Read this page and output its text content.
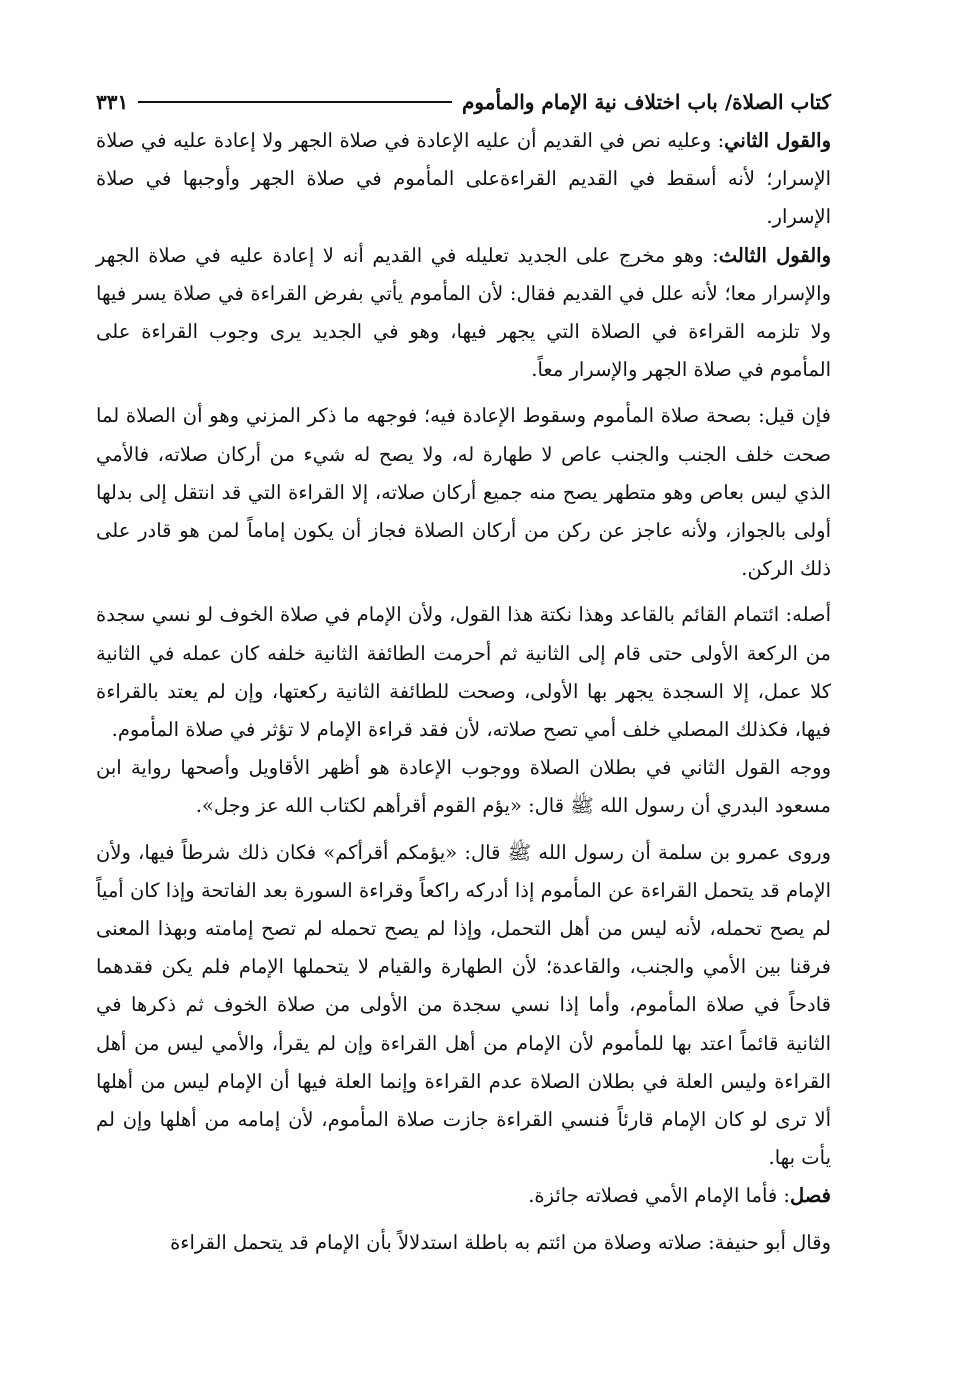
كتاب الصلاة/ باب اختلاف نية الإمام والمأموم
٣٣١

والقول الثاني: وعليه نص في القديم أن عليه الإعادة في صلاة الجهر ولا إعادة عليه في صلاة الإسرار؛ لأنه أسقط في القديم القراءةعلى المأموم في صلاة الجهر وأوجبها في صلاة الإسرار.

والقول الثالث: وهو مخرج على الجديد تعليله في القديم أنه لا إعادة عليه في صلاة الجهر والإسرار معا؛ لأنه علل في القديم فقال: لأن المأموم يأتي بفرض القراءة في صلاة يسر فيها ولا تلزمه القراءة في الصلاة التي يجهر فيها، وهو في الجديد يرى وجوب القراءة على المأموم في صلاة الجهر والإسرار معاً.

فإن قيل: بصحة صلاة المأموم وسقوط الإعادة فيه؛ فوجهه ما ذكر المزني وهو أن الصلاة لما صحت خلف الجنب والجنب عاص لا طهارة له، ولا يصح له شيء من أركان صلاته، فالأمي الذي ليس بعاص وهو متطهر يصح منه جميع أركان صلاته، إلا القراءة التي قد انتقل إلى بدلها أولى بالجواز، ولأنه عاجز عن ركن من أركان الصلاة فجاز أن يكون إماماً لمن هو قادر على ذلك الركن.

أصله: ائتمام القائم بالقاعد وهذا نكتة هذا القول، ولأن الإمام في صلاة الخوف لو نسي سجدة من الركعة الأولى حتى قام إلى الثانية ثم أحرمت الطائفة الثانية خلفه كان عمله في الثانية كلا عمل، إلا السجدة يجهر بها الأولى، وصحت للطائفة الثانية ركعتها، وإن لم يعتد بالقراءة فيها، فكذلك المصلي خلف أمي تصح صلاته، لأن فقد قراءة الإمام لا تؤثر في صلاة المأموم.

ووجه القول الثاني في بطلان الصلاة ووجوب الإعادة هو أظهر الأقاويل وأصحها رواية ابن مسعود البدري أن رسول الله ﷺ قال: «يؤم القوم أقرأهم لكتاب الله عز وجل».

وروى عمرو بن سلمة أن رسول الله ﷺ قال: «يؤمكم أقرأكم» فكان ذلك شرطاً فيها، ولأن الإمام قد يتحمل القراءة عن المأموم إذا أدركه راكعاً وقراءة السورة بعد الفاتحة وإذا كان أمياً لم يصح تحمله، لأنه ليس من أهل التحمل، وإذا لم يصح تحمله لم تصح إمامته وبهذا المعنى فرقنا بين الأمي والجنب، والقاعدة؛ لأن الطهارة والقيام لا يتحملها الإمام فلم يكن فقدهما قادحاً في صلاة المأموم، وأما إذا نسي سجدة من الأولى من صلاة الخوف ثم ذكرها في الثانية قائماً اعتد بها للمأموم لأن الإمام من أهل القراءة وإن لم يقرأ، والأمي ليس من أهل القراءة وليس العلة في بطلان الصلاة عدم القراءة وإنما العلة فيها أن الإمام ليس من أهلها ألا ترى لو كان الإمام قارئاً فنسي القراءة جازت صلاة المأموم، لأن إمامه من أهلها وإن لم يأت بها.

فصل: فأما الإمام الأمي فصلاته جائزة.

وقال أبو حنيفة: صلاته وصلاة من ائتم به باطلة استدلالاً بأن الإمام قد يتحمل القراءة
